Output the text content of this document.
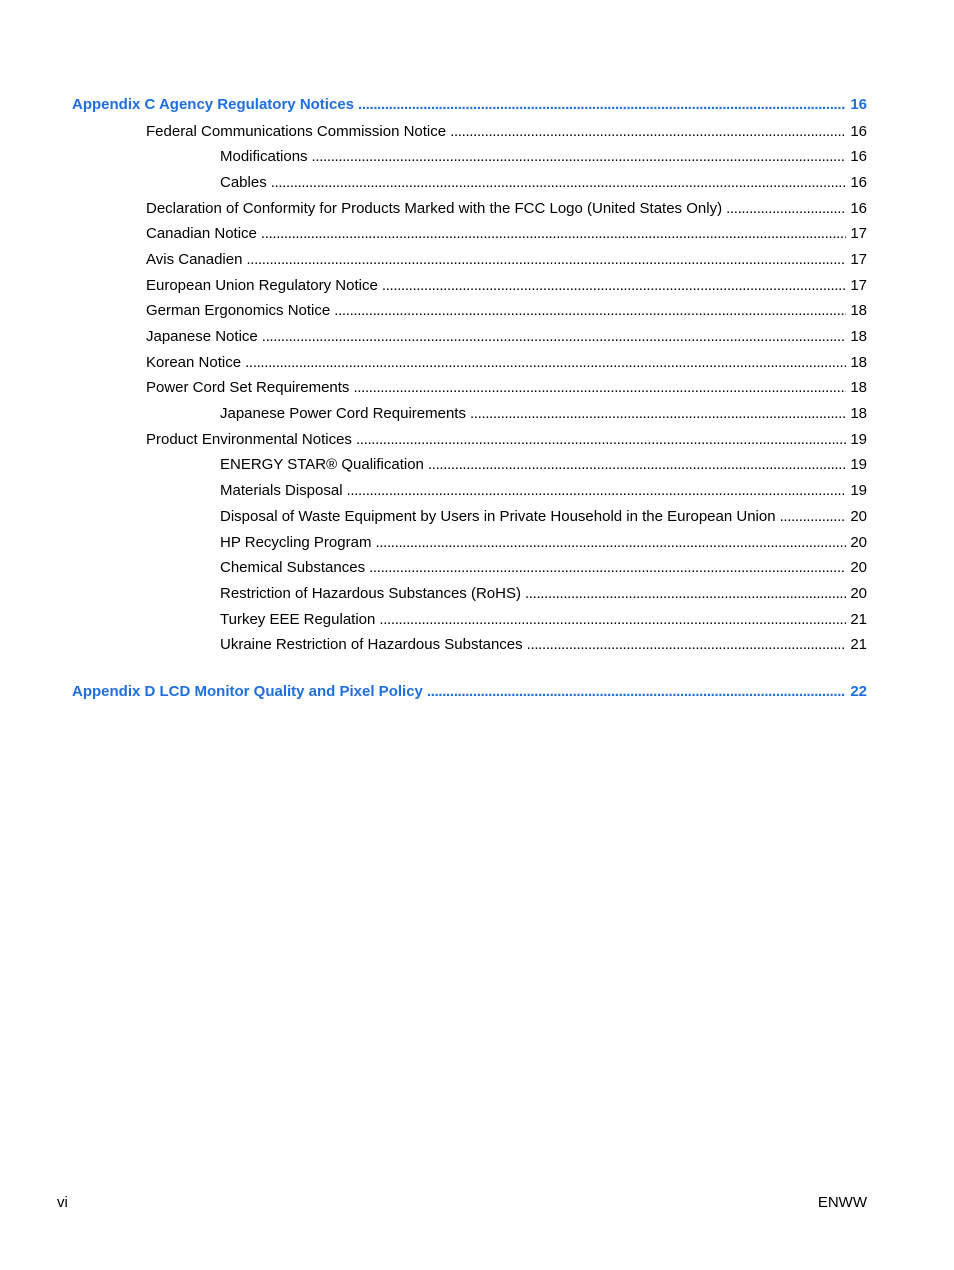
Appendix C Agency Regulatory Notices . . .	16
Federal Communications Commission Notice . . .	16
Modifications . . .	16
Cables . . .	16
Declaration of Conformity for Products Marked with the FCC Logo (United States Only) . . .	16
Canadian Notice . . .	17
Avis Canadien . . .	17
European Union Regulatory Notice . . .	17
German Ergonomics Notice . . .	18
Japanese Notice . . .	18
Korean Notice . . .	18
Power Cord Set Requirements . . .	18
Japanese Power Cord Requirements . . .	18
Product Environmental Notices . . .	19
ENERGY STAR® Qualification . . .	19
Materials Disposal . . .	19
Disposal of Waste Equipment by Users in Private Household in the European Union . . .	20
HP Recycling Program . . .	20
Chemical Substances . . .	20
Restriction of Hazardous Substances (RoHS) . . .	20
Turkey EEE Regulation . . .	21
Ukraine Restriction of Hazardous Substances . . .	21
Appendix D LCD Monitor Quality and Pixel Policy . . .	22
vi	ENWW
